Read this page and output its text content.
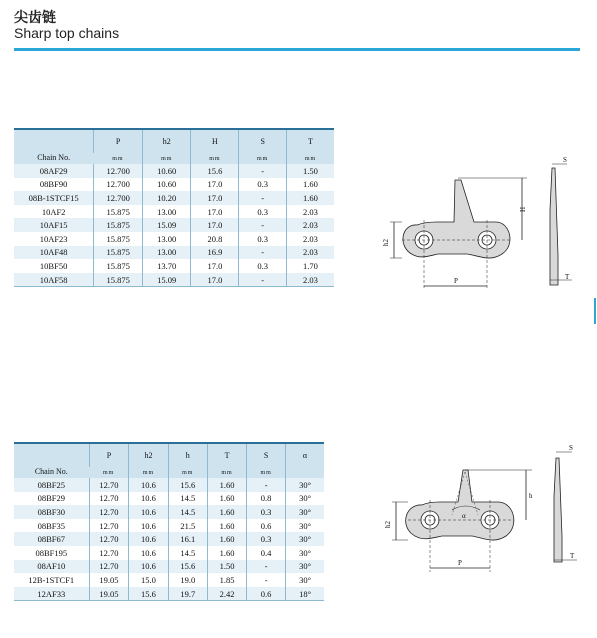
尖齿链
Sharp top chains
Chain No.	P	h2	H	S	T
	mm	mm	mm	mm	mm
08AF29	12.700	10.60	15.6	-	1.50
08BF90	12.700	10.60	17.0	0.3	1.60
08B-1STCF15	12.700	10.20	17.0	-	1.60
10AF2	15.875	13.00	17.0	0.3	2.03
10AF15	15.875	15.09	17.0	-	2.03
10AF23	15.875	13.00	20.8	0.3	2.03
10AF48	15.875	13.00	16.9	-	2.03
10BF50	15.875	13.70	17.0	0.3	1.70
10AF58	15.875	15.09	17.0	-	2.03
S
H
h2
P	T
Chain No.	P	h2	h	T	S	α
	mm	mm	mm	mm	mm	
08BF25	12.70	10.6	15.6	1.60	-	30°
08BF29	12.70	10.6	14.5	1.60	0.8	30°
08BF30	12.70	10.6	14.5	1.60	0.3	30°
08BF35	12.70	10.6	21.5	1.60	0.6	30°
08BF67	12.70	10.6	16.1	1.60	0.3	30°
08BF195	12.70	10.6	14.5	1.60	0.4	30°
08AF10	12.70	10.6	15.6	1.50	-	30°
12B-1STCF1	19.05	15.0	19.0	1.85	-	30°
12AF33	19.05	15.6	19.7	2.42	0.6	18°
S
h
h2
α
P
T
